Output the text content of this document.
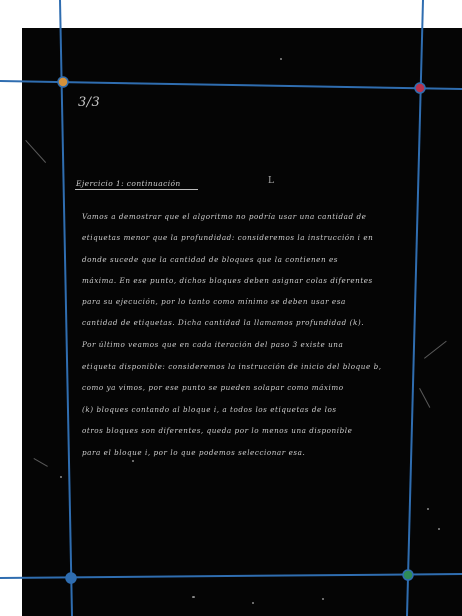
3/3
L
Ejercicio 1: continuación
Vamos a demostrar que el algoritmo no podría usar una cantidad de
etiquetas menor que la profundidad: consideremos la instrucción i en
donde sucede que la cantidad de bloques que la contienen es
máxima. En ese punto, dichos bloques deben asignar colas diferentes
para su ejecución, por lo tanto como mínimo se deben usar esa
cantidad de etiquetas. Dicha cantidad la llamamos profundidad (k).
Por último veamos que en cada iteración del paso 3 existe una
etiqueta disponible: consideremos la instrucción de inicio del bloque b,
como ya vimos, por ese punto se pueden solapar como máximo
(k) bloques contando al bloque i, a todos los etiquetas de los
otros bloques son diferentes, queda por lo menos una disponible
para el bloque i, por lo que podemos seleccionar esa.
